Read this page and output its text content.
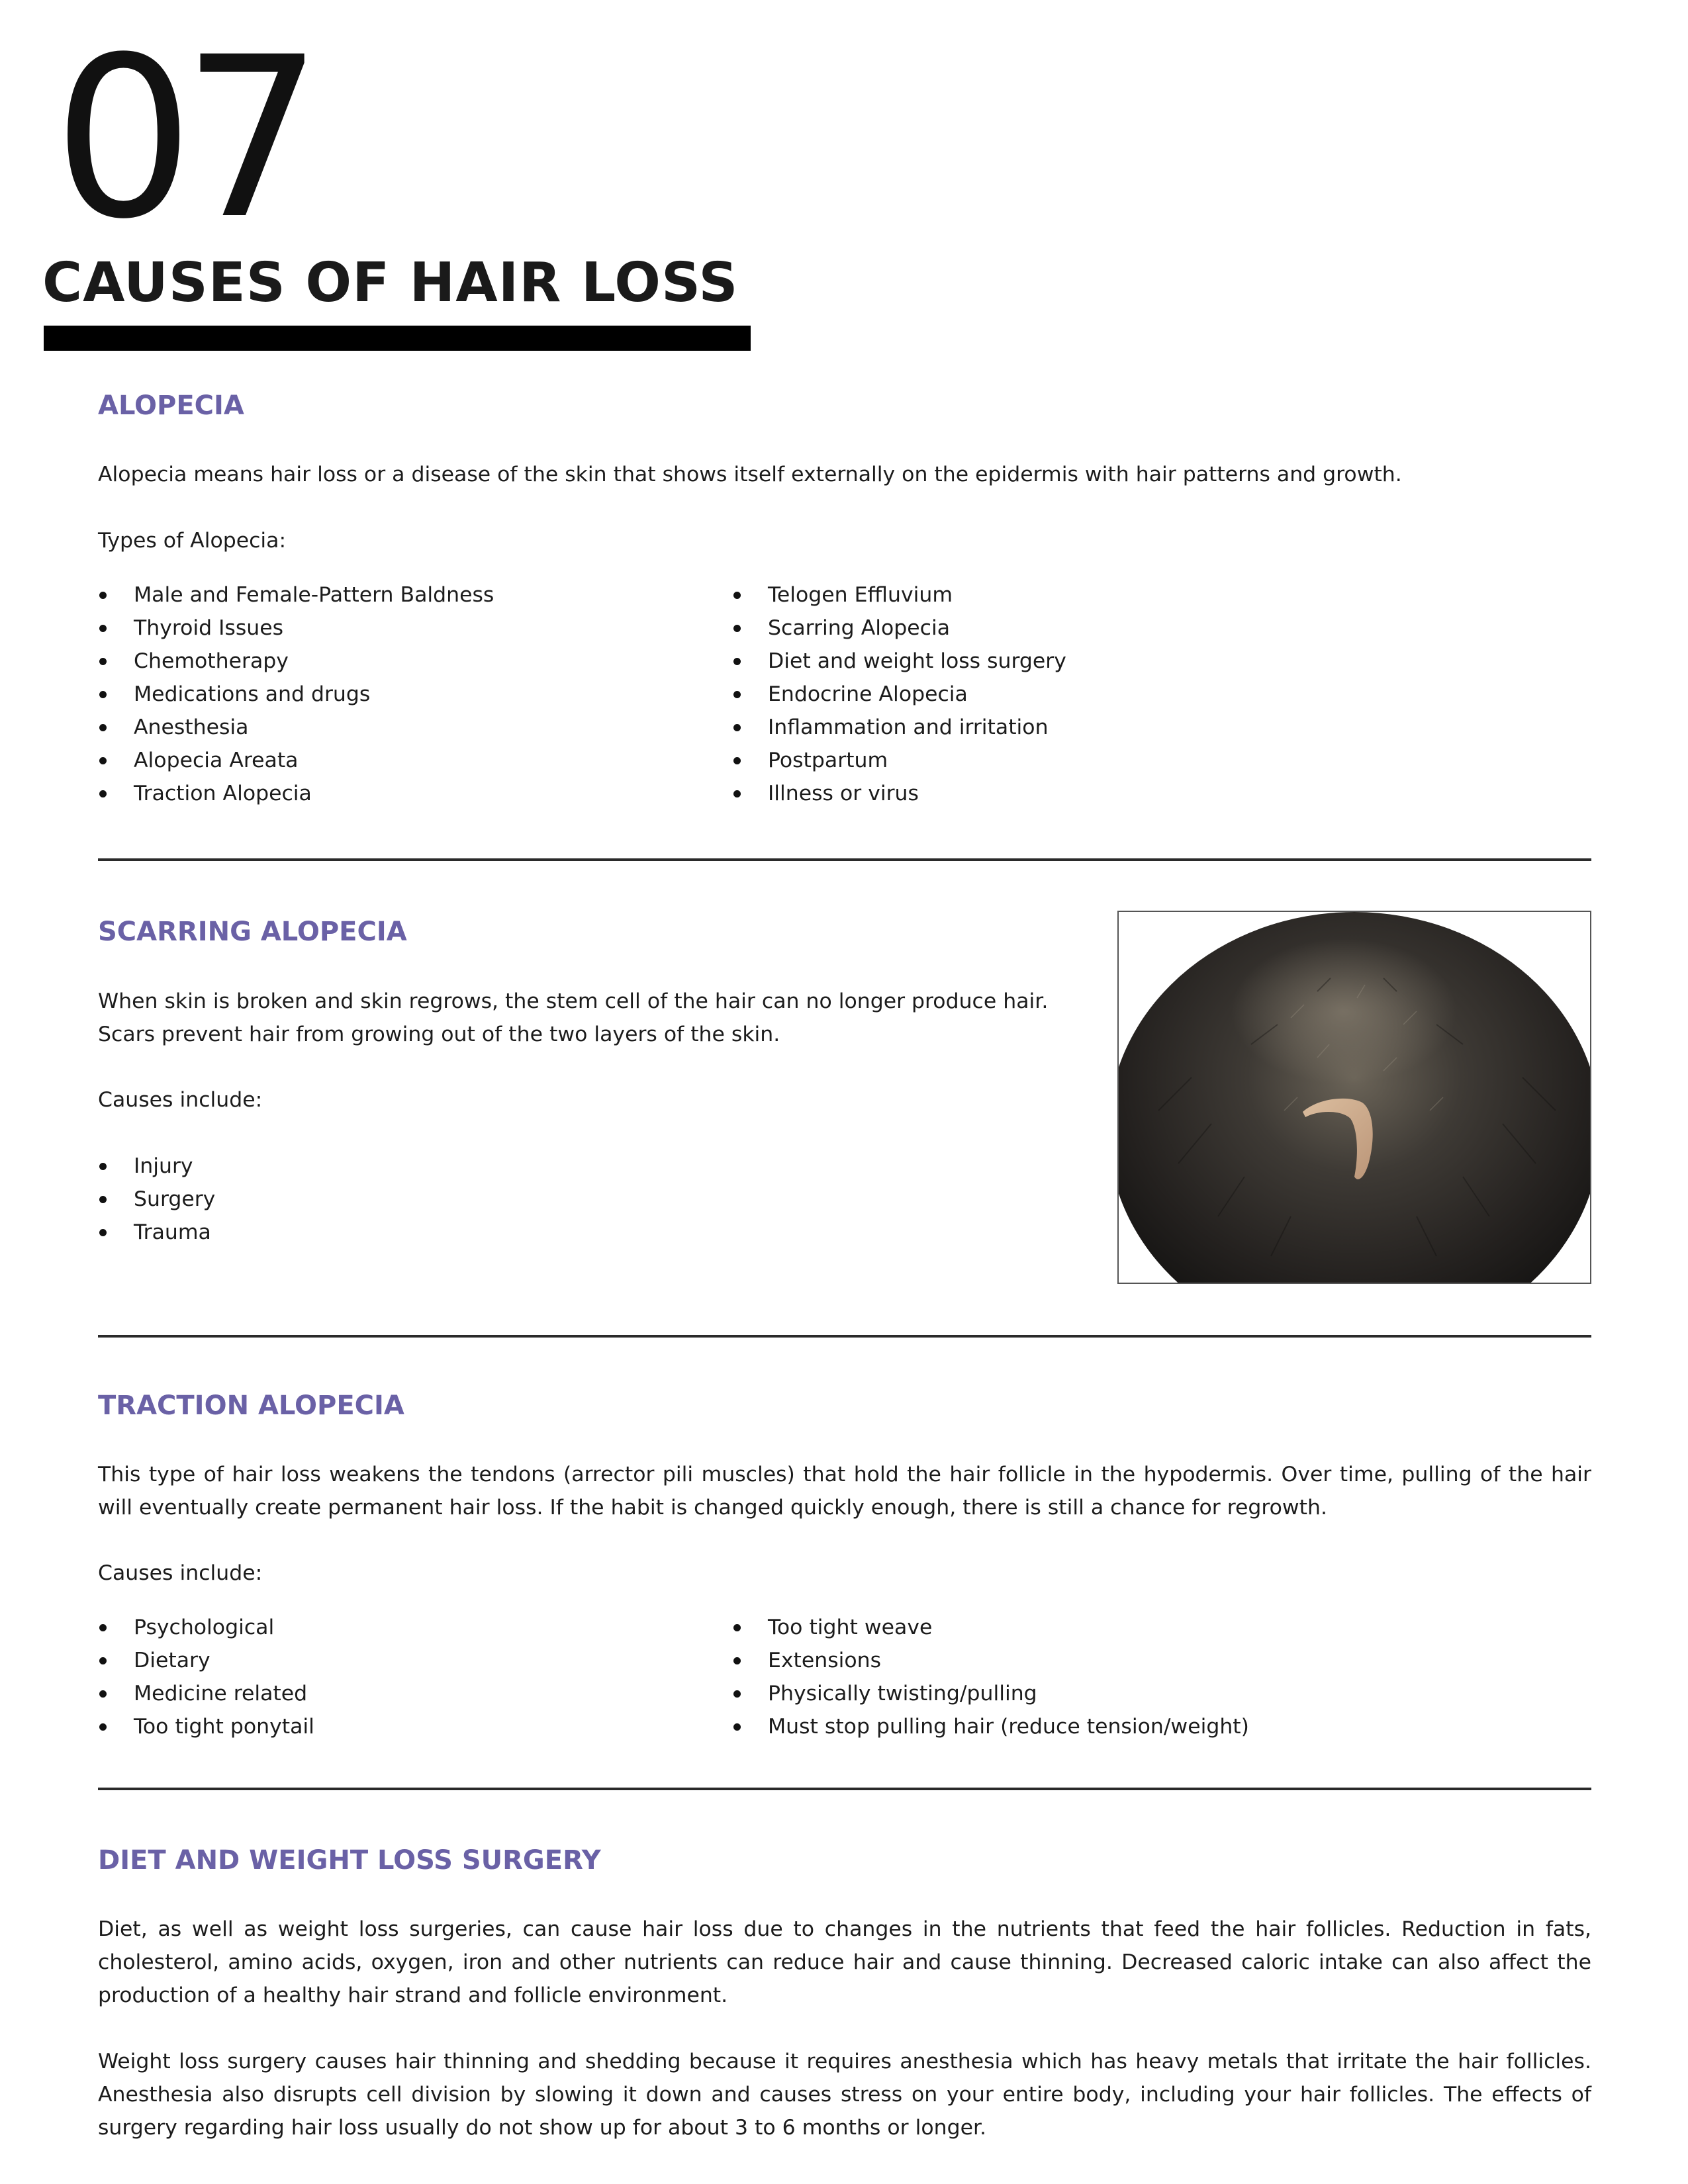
07
CAUSES OF HAIR LOSS
ALOPECIA

Alopecia means hair loss or a disease of the skin that shows itself externally on the epidermis with hair patterns and growth.

Types of Alopecia:

Male and Female-Pattern Baldness
Thyroid Issues
Chemotherapy
Medications and drugs
Anesthesia
Alopecia Areata
Traction Alopecia
Telogen Effluvium
Scarring Alopecia
Diet and weight loss surgery
Endocrine Alopecia
Inflammation and irritation
Postpartum
Illness or virus
SCARRING ALOPECIA

When skin is broken and skin regrows, the stem cell of the hair can no longer produce hair. Scars prevent hair from growing out of the two layers of the skin.

Causes include:

Injury
Surgery
Trauma
TRACTION ALOPECIA

This type of hair loss weakens the tendons (arrector pili muscles) that hold the hair follicle in the hypodermis. Over time, pulling of the hair will eventually create permanent hair loss. If the habit is changed quickly enough, there is still a chance for regrowth.

Causes include:

Psychological
Dietary
Medicine related
Too tight ponytail
Too tight weave
Extensions
Physically twisting/pulling
Must stop pulling hair (reduce tension/weight)
DIET AND WEIGHT LOSS SURGERY

Diet, as well as weight loss surgeries, can cause hair loss due to changes in the nutrients that feed the hair follicles. Reduction in fats, cholesterol, amino acids, oxygen, iron and other nutrients can reduce hair and cause thinning. Decreased caloric intake can also affect the production of a healthy hair strand and follicle environment.

Weight loss surgery causes hair thinning and shedding because it requires anesthesia which has heavy metals that irritate the hair follicles. Anesthesia also disrupts cell division by slowing it down and causes stress on your entire body, including your hair follicles. The effects of surgery regarding hair loss usually do not show up for about 3 to 6 months or longer.
